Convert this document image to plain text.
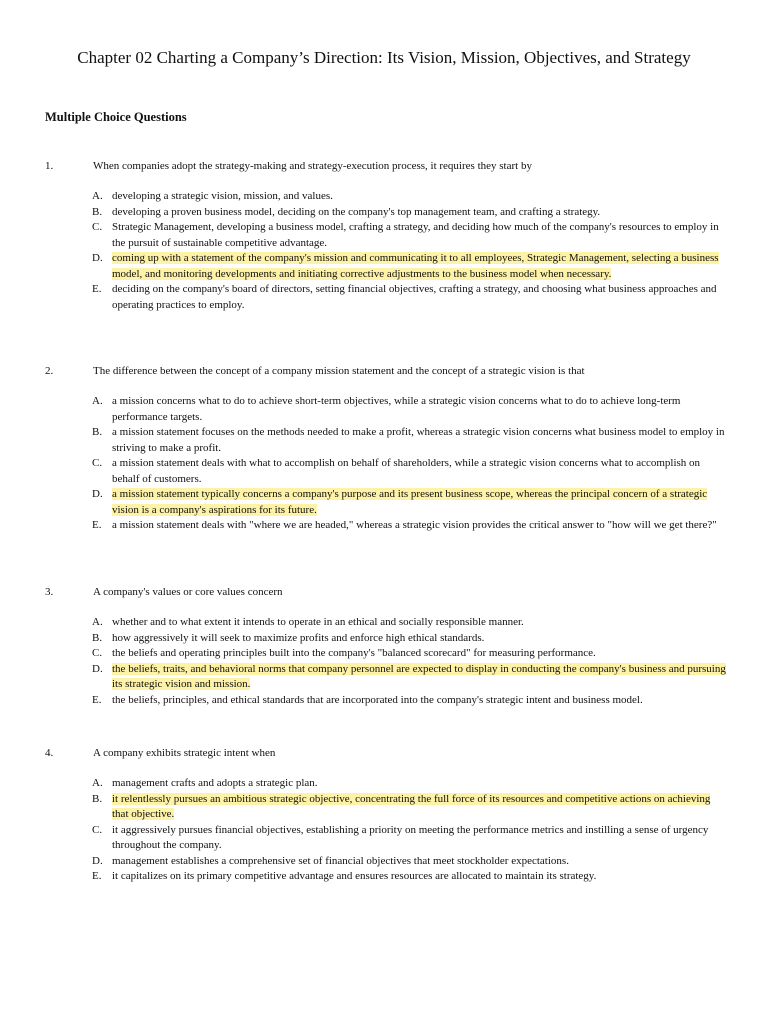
Chapter 02 Charting a Company’s Direction: Its Vision, Mission, Objectives, and Strategy
Multiple Choice Questions
1.	When companies adopt the strategy-making and strategy-execution process, it requires they start by
A. developing a strategic vision, mission, and values.
B. developing a proven business model, deciding on the company's top management team, and crafting a strategy.
C. Strategic Management, developing a business model, crafting a strategy, and deciding how much of the company's resources to employ in the pursuit of sustainable competitive advantage.
D. coming up with a statement of the company's mission and communicating it to all employees, Strategic Management, selecting a business model, and monitoring developments and initiating corrective adjustments to the business model when necessary.
E. deciding on the company's board of directors, setting financial objectives, crafting a strategy, and choosing what business approaches and operating practices to employ.
2.	The difference between the concept of a company mission statement and the concept of a strategic vision is that
A. a mission concerns what to do to achieve short-term objectives, while a strategic vision concerns what to do to achieve long-term performance targets.
B. a mission statement focuses on the methods needed to make a profit, whereas a strategic vision concerns what business model to employ in striving to make a profit.
C. a mission statement deals with what to accomplish on behalf of shareholders, while a strategic vision concerns what to accomplish on behalf of customers.
D. a mission statement typically concerns a company's purpose and its present business scope, whereas the principal concern of a strategic vision is a company's aspirations for its future.
E. a mission statement deals with "where we are headed," whereas a strategic vision provides the critical answer to "how will we get there?"
3.	A company's values or core values concern
A. whether and to what extent it intends to operate in an ethical and socially responsible manner.
B. how aggressively it will seek to maximize profits and enforce high ethical standards.
C. the beliefs and operating principles built into the company's "balanced scorecard" for measuring performance.
D. the beliefs, traits, and behavioral norms that company personnel are expected to display in conducting the company's business and pursuing its strategic vision and mission.
E. the beliefs, principles, and ethical standards that are incorporated into the company's strategic intent and business model.
4.	A company exhibits strategic intent when
A. management crafts and adopts a strategic plan.
B. it relentlessly pursues an ambitious strategic objective, concentrating the full force of its resources and competitive actions on achieving that objective.
C. it aggressively pursues financial objectives, establishing a priority on meeting the performance metrics and instilling a sense of urgency throughout the company.
D. management establishes a comprehensive set of financial objectives that meet stockholder expectations.
E. it capitalizes on its primary competitive advantage and ensures resources are allocated to maintain its strategy.
